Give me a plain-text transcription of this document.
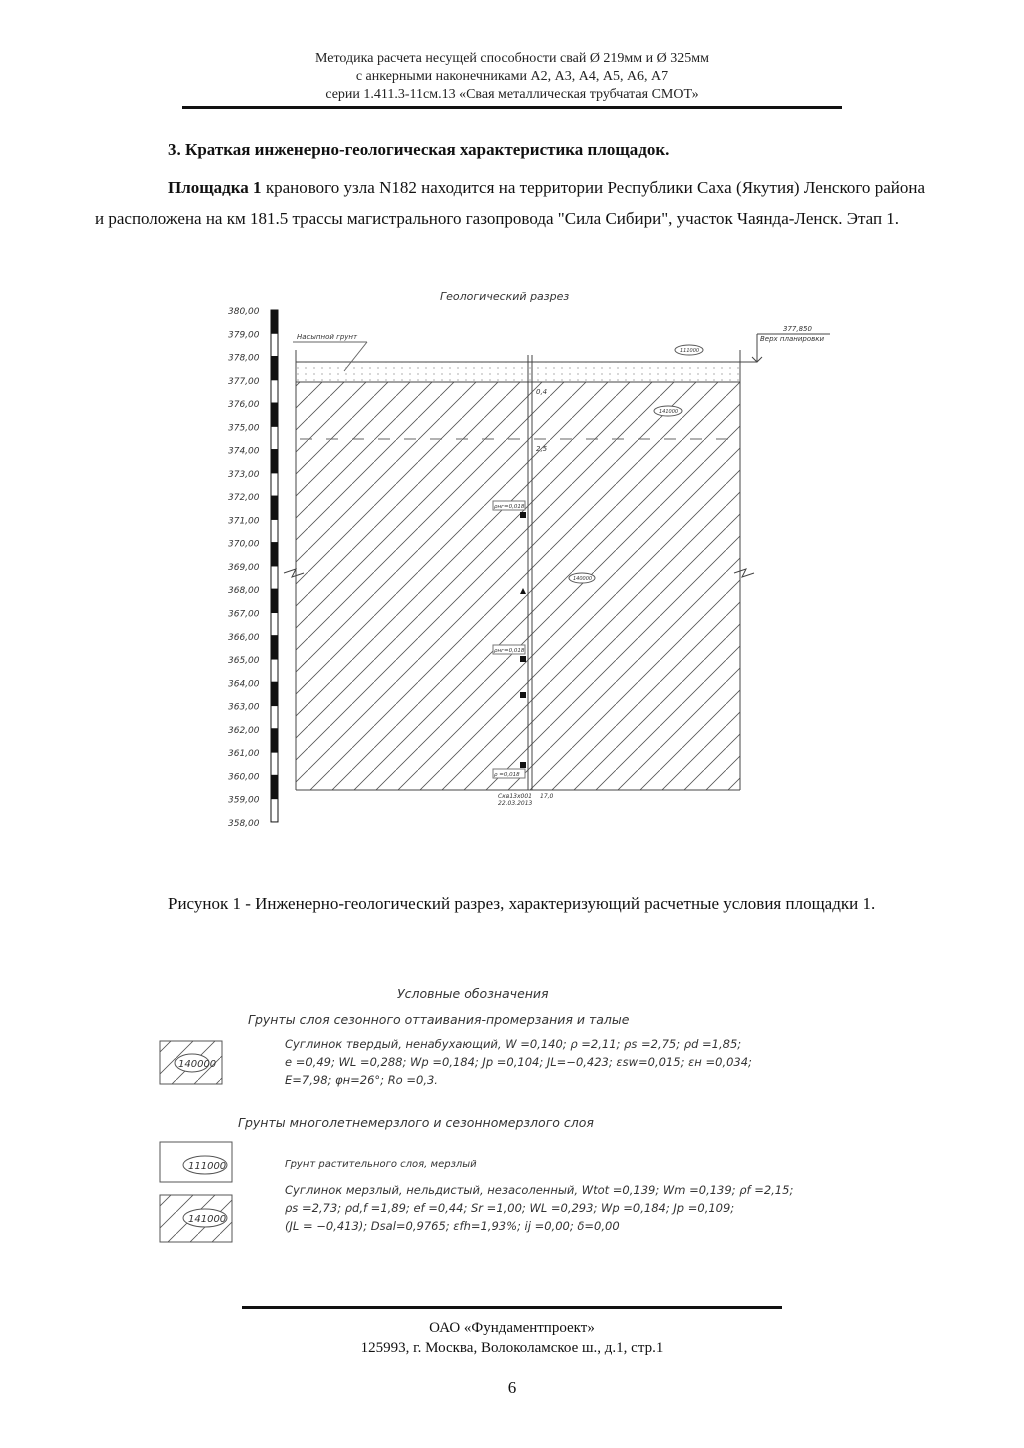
Методика расчета несущей способности свай Ø 219мм и Ø 325мм
с анкерными наконечниками А2, А3, А4, А5, А6, А7
серии 1.411.3-11см.13 «Свая металлическая трубчатая СМОТ»
3. Краткая инженерно-геологическая характеристика площадок.
Площадка 1 кранового узла N182 находится на территории Республики Саха (Якутия) Ленского района и расположена на км 181.5 трассы магистрального газопровода "Сила Сибири", участок Чаянда-Ленск. Этап 1.
Геологический разрез
380,00
379,00
378,00
377,00
376,00
375,00
374,00
373,00
372,00
371,00
370,00
369,00
368,00
367,00
366,00
365,00
364,00
363,00
362,00
361,00
360,00
359,00
358,00
Насыпной грунт
377,850
Верх планировки
111000
141000
140000
0,4
2,5
ρнг=0,018
ρнг=0,018
ρ =0,018
Скв13х001
22.03.2013
17,0
Рисунок 1 - Инженерно-геологический разрез, характеризующий расчетные условия площадки 1.
Условные обозначения
Грунты слоя сезонного оттаивания-промерзания и талые
Грунты многолетнемерзлого и сезонномерзлого слоя
140000
Суглинок твердый, ненабухающий, W =0,140; ρ =2,11; ρs =2,75; ρd =1,85;
e =0,49; WL =0,288; Wp =0,184; Jp =0,104; JL=−0,423; εsw=0,015; εн =0,034;
E=7,98; φн=26°; Ro =0,3.
111000	Грунт растительного слоя, мерзлый
141000
Суглинок мерзлый, нельдистый, незасоленный, Wtot =0,139; Wm =0,139; ρf =2,15;
ρs =2,73; ρd,f =1,89; ef =0,44; Sr =1,00; WL =0,293; Wp =0,184; Jp =0,109;
(JL = −0,413); Dsal=0,9765; εfh=1,93%; ij =0,00; δ=0,00
ОАО «Фундаментпроект»
125993, г. Москва, Волоколамское ш., д.1, стр.1
6
